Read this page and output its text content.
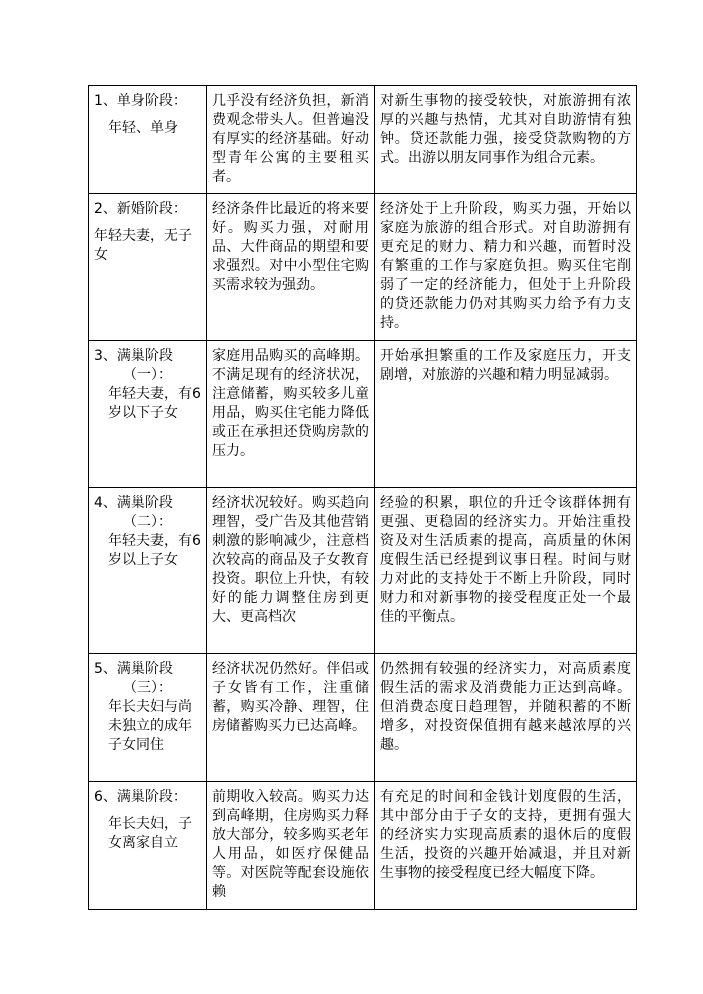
1、单身阶段：
年轻、单身	几乎没有经济负担，新消费观念带头人。但普遍没有厚实的经济基础。好动型青年公寓的主要租买者。	对新生事物的接受较快，对旅游拥有浓厚的兴趣与热情，尤其对自助游情有独钟。贷还款能力强，接受贷款购物的方式。出游以朋友同事作为组合元素。

2、新婚阶段：
年轻夫妻，无子女	经济条件比最近的将来要好。购买力强，对耐用品、大件商品的期望和要求强烈。对中小型住宅购买需求较为强劲。	经济处于上升阶段，购买力强，开始以家庭为旅游的组合形式。对自助游拥有更充足的财力、精力和兴趣，而暂时没有繁重的工作与家庭负担。购买住宅削弱了一定的经济能力，但处于上升阶段的贷还款能力仍对其购买力给予有力支持。

3、满巢阶段
（一）：
年轻夫妻，有6岁以下子女	家庭用品购买的高峰期。不满足现有的经济状况，注意储蓄，购买较多儿童用品，购买住宅能力降低或正在承担还贷购房款的压力。	开始承担繁重的工作及家庭压力，开支剧增，对旅游的兴趣和精力明显减弱。

4、满巢阶段
（二）：
年轻夫妻，有6岁以上子女	经济状况较好。购买趋向理智，受广告及其他营销刺激的影响减少，注意档次较高的商品及子女教育投资。职位上升快，有较好的能力调整住房到更大、更高档次	经验的积累，职位的升迁令该群体拥有更强、更稳固的经济实力。开始注重投资及对生活质素的提高，高质量的休闲度假生活已经提到议事日程。时间与财力对此的支持处于不断上升阶段，同时财力和对新事物的接受程度正处一个最佳的平衡点。

5、满巢阶段
（三）：
年长夫妇与尚未独立的成年子女同住	经济状况仍然好。伴侣或子女皆有工作，注重储蓄，购买冷静、理智，住房储蓄购买力已达高峰。	仍然拥有较强的经济实力，对高质素度假生活的需求及消费能力正达到高峰。但消费态度日趋理智，并随积蓄的不断增多，对投资保值拥有越来越浓厚的兴趣。

6、满巢阶段：
年长夫妇，子女离家自立	前期收入较高。购买力达到高峰期，住房购买力释放大部分，较多购买老年人用品，如医疗保健品等。对医院等配套设施依赖	有充足的时间和金钱计划度假的生活，其中部分由于子女的支持，更拥有强大的经济实力实现高质素的退休后的度假生活，投资的兴趣开始减退，并且对新生事物的接受程度已经大幅度下降。
